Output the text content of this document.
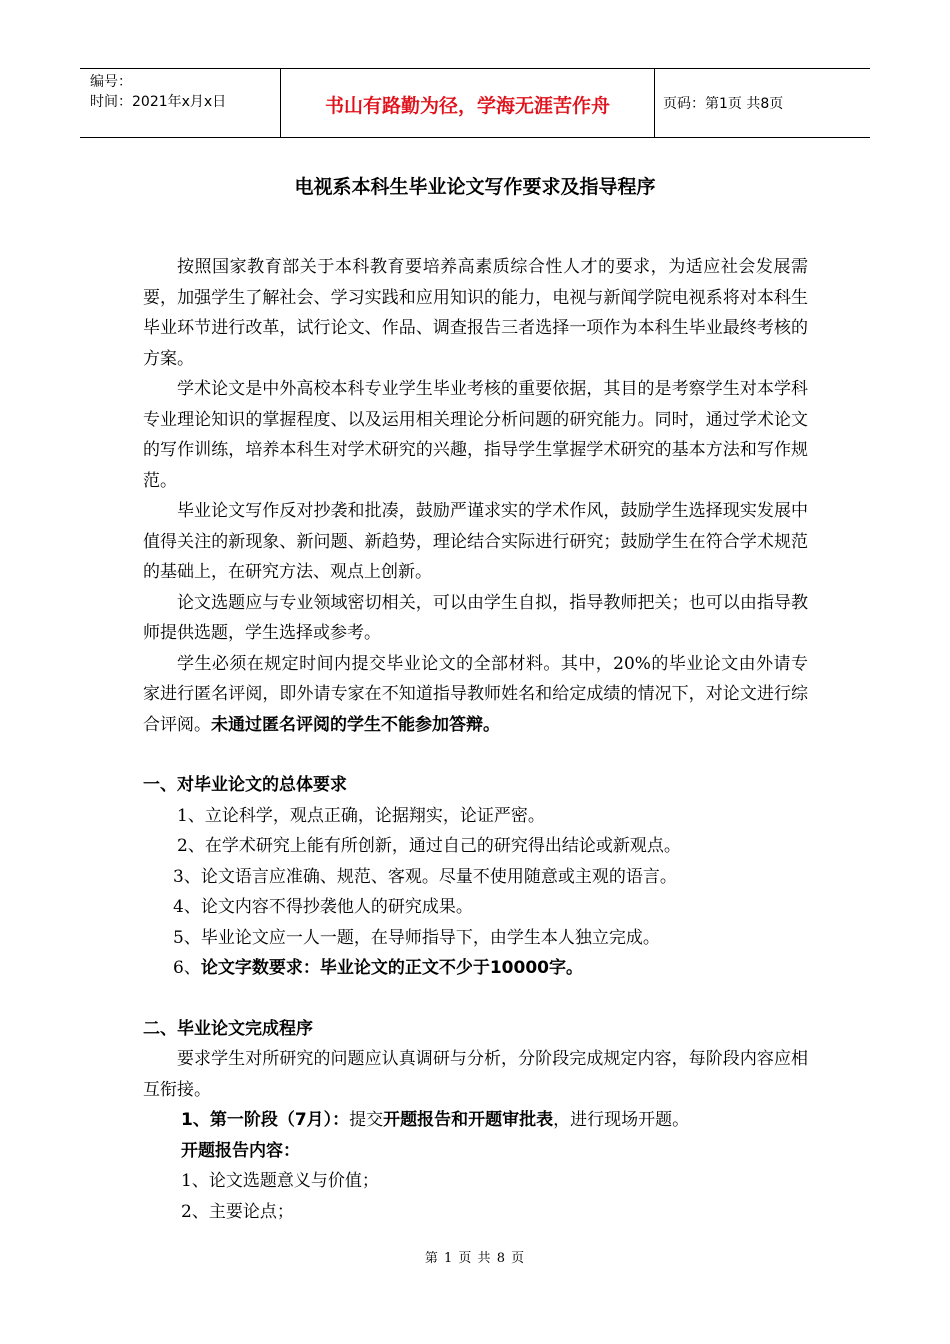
编号：
时间：2021年x月x日	书山有路勤为径，学海无涯苦作舟	页码：第1页 共8页
电视系本科生毕业论文写作要求及指导程序

按照国家教育部关于本科教育要培养高素质综合性人才的要求，为适应社会发展需要，加强学生了解社会、学习实践和应用知识的能力，电视与新闻学院电视系将对本科生毕业环节进行改革，试行论文、作品、调查报告三者选择一项作为本科生毕业最终考核的方案。

学术论文是中外高校本科专业学生毕业考核的重要依据，其目的是考察学生对本学科专业理论知识的掌握程度、以及运用相关理论分析问题的研究能力。同时，通过学术论文的写作训练，培养本科生对学术研究的兴趣，指导学生掌握学术研究的基本方法和写作规范。

毕业论文写作反对抄袭和批凑，鼓励严谨求实的学术作风，鼓励学生选择现实发展中值得关注的新现象、新问题、新趋势，理论结合实际进行研究；鼓励学生在符合学术规范的基础上，在研究方法、观点上创新。

论文选题应与专业领域密切相关，可以由学生自拟，指导教师把关；也可以由指导教师提供选题，学生选择或参考。

学生必须在规定时间内提交毕业论文的全部材料。其中，20%的毕业论文由外请专家进行匿名评阅，即外请专家在不知道指导教师姓名和给定成绩的情况下，对论文进行综合评阅。未通过匿名评阅的学生不能参加答辩。

一、对毕业论文的总体要求

1、立论科学，观点正确，论据翔实，论证严密。

2、在学术研究上能有所创新，通过自己的研究得出结论或新观点。

3、论文语言应准确、规范、客观。尽量不使用随意或主观的语言。

4、论文内容不得抄袭他人的研究成果。

5、毕业论文应一人一题，在导师指导下，由学生本人独立完成。

6、论文字数要求：毕业论文的正文不少于10000字。

二、毕业论文完成程序

要求学生对所研究的问题应认真调研与分析，分阶段完成规定内容，每阶段内容应相互衔接。

1、第一阶段（7月）：提交开题报告和开题审批表，进行现场开题。

开题报告内容：

1、论文选题意义与价值；

2、主要论点；

第 1 页 共 8 页
